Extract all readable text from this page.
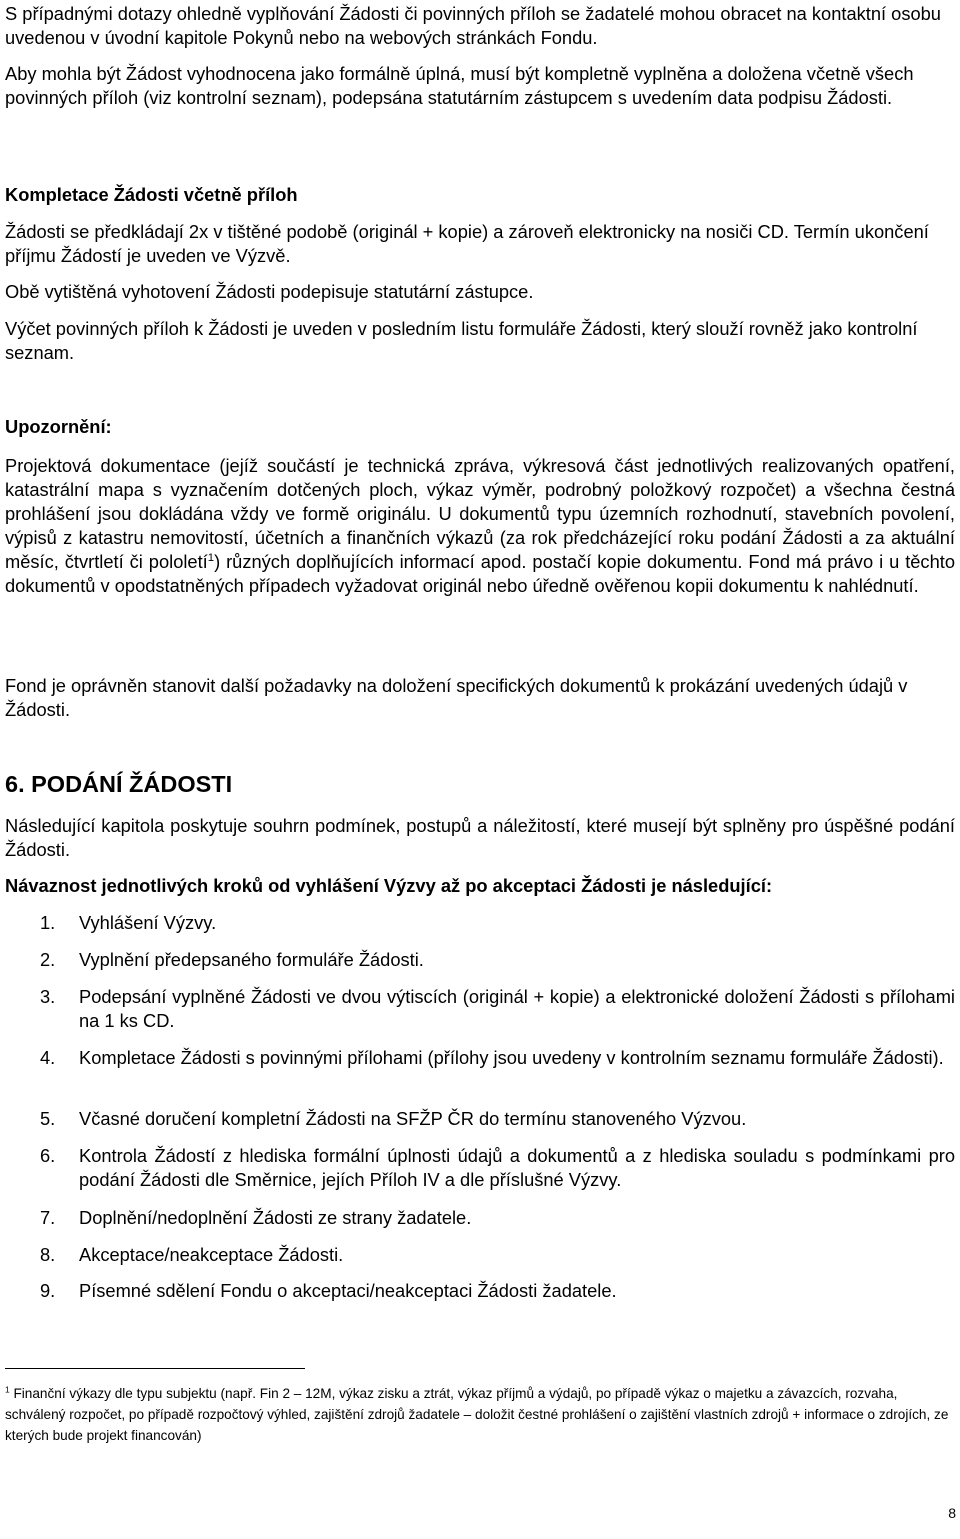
S případnými dotazy ohledně vyplňování Žádosti či povinných příloh se žadatelé mohou obracet na kontaktní osobu uvedenou v úvodní kapitole Pokynů nebo na webových stránkách Fondu.

Aby mohla být Žádost vyhodnocena jako formálně úplná, musí být kompletně vyplněna a doložena včetně všech povinných příloh (viz kontrolní seznam), podepsána statutárním zástupcem s uvedením data podpisu Žádosti.

Kompletace Žádosti včetně příloh

Žádosti se předkládají 2x v tištěné podobě (originál + kopie) a zároveň elektronicky na nosiči CD. Termín ukončení příjmu Žádostí je uveden ve Výzvě.

Obě vytištěná vyhotovení Žádosti podepisuje statutární zástupce.

Výčet povinných příloh k Žádosti je uveden v posledním listu formuláře Žádosti, který slouží rovněž jako kontrolní seznam.

Upozornění:

Projektová dokumentace (jejíž součástí je technická zpráva, výkresová část jednotlivých realizovaných opatření, katastrální mapa s vyznačením dotčených ploch, výkaz výměr, podrobný položkový rozpočet) a všechna čestná prohlášení jsou dokládána vždy ve formě originálu. U dokumentů typu územních rozhodnutí, stavebních povolení, výpisů z katastru nemovitostí, účetních a finančních výkazů (za rok předcházející roku podání Žádosti a za aktuální měsíc, čtvrtletí či pololetí$^1$) různých doplňujících informací apod. postačí kopie dokumentu. Fond má právo i u těchto dokumentů v opodstatněných případech vyžadovat originál nebo úředně ověřenou kopii dokumentu k nahlédnutí.

Fond je oprávněn stanovit další požadavky na doložení specifických dokumentů k prokázání uvedených údajů v Žádosti.

6. PODÁNÍ ŽÁDOSTI

Následující kapitola poskytuje souhrn podmínek, postupů a náležitostí, které musejí být splněny pro úspěšné podání Žádosti.

Návaznost jednotlivých kroků od vyhlášení Výzvy až po akceptaci Žádosti je následující:

1.	Vyhlášení Výzvy.
2.	Vyplnění předepsaného formuláře Žádosti.
3.	Podepsání vyplněné Žádosti ve dvou výtiscích (originál + kopie) a elektronické doložení Žádosti s přílohami na 1 ks CD.
4.	Kompletace Žádosti s povinnými přílohami (přílohy jsou uvedeny v kontrolním seznamu formuláře Žádosti).
5.	Včasné doručení kompletní Žádosti na SFŽP ČR do termínu stanoveného Výzvou.
6.	Kontrola Žádostí z hlediska formální úplnosti údajů a dokumentů a z hlediska souladu s podmínkami pro podání Žádosti dle Směrnice, jejích Příloh IV a dle příslušné Výzvy.
7.	Doplnění/nedoplnění Žádosti ze strany žadatele.
8.	Akceptace/neakceptace Žádosti.
9.	Písemné sdělení Fondu o akceptaci/neakceptaci Žádosti žadatele.

$^1$ Finanční výkazy dle typu subjektu (např. Fin 2 – 12M, výkaz zisku a ztrát, výkaz příjmů a výdajů, po případě výkaz o majetku a závazcích, rozvaha, schválený rozpočet, po případě rozpočtový výhled, zajištění zdrojů žadatele – doložit čestné prohlášení o zajištění vlastních zdrojů + informace o zdrojích, ze kterých bude projekt financován)

8
